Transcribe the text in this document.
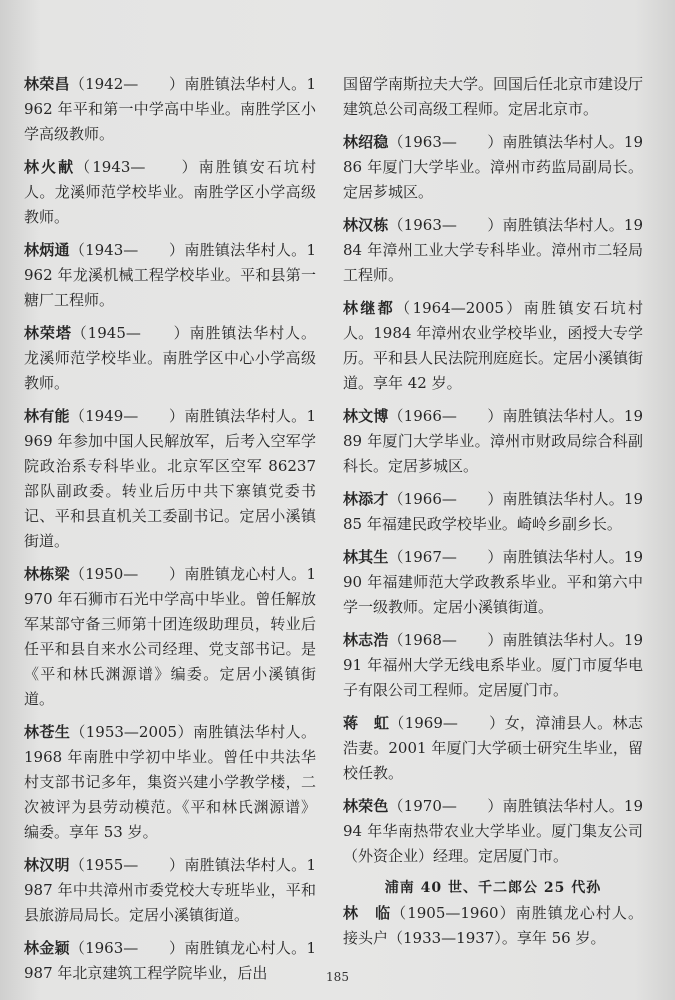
林荣昌（1942—　　）南胜镇法华村人。1962 年平和第一中学高中毕业。南胜学区小学高级教师。

林火献（1943—　　）南胜镇安石坑村人。龙溪师范学校毕业。南胜学区小学高级教师。

林炳通（1943—　　）南胜镇法华村人。1962 年龙溪机械工程学校毕业。平和县第一糖厂工程师。

林荣塔（1945—　　）南胜镇法华村人。龙溪师范学校毕业。南胜学区中心小学高级教师。

林有能（1949—　　）南胜镇法华村人。1969 年参加中国人民解放军，后考入空军学院政治系专科毕业。北京军区空军 86237 部队副政委。转业后历中共下寨镇党委书记、平和县直机关工委副书记。定居小溪镇街道。

林栋梁（1950—　　）南胜镇龙心村人。1970 年石狮市石光中学高中毕业。曾任解放军某部守备三师第十团连级助理员，转业后任平和县自来水公司经理、党支部书记。是《平和林氏渊源谱》编委。定居小溪镇街道。

林苍生（1953—2005）南胜镇法华村人。1968 年南胜中学初中毕业。曾任中共法华村支部书记多年，集资兴建小学教学楼，二次被评为县劳动模范。《平和林氏渊源谱》编委。享年 53 岁。

林汉明（1955—　　）南胜镇法华村人。1987 年中共漳州市委党校大专班毕业，平和县旅游局局长。定居小溪镇街道。

林金颖（1963—　　）南胜镇龙心村人。1987 年北京建筑工程学院毕业，后出

国留学南斯拉夫大学。回国后任北京市建设厅建筑总公司高级工程师。定居北京市。

林绍稳（1963—　　）南胜镇法华村人。1986 年厦门大学毕业。漳州市药监局副局长。定居芗城区。

林汉栋（1963—　　）南胜镇法华村人。1984 年漳州工业大学专科毕业。漳州市二轻局工程师。

林继都（1964—2005）南胜镇安石坑村人。1984 年漳州农业学校毕业，函授大专学历。平和县人民法院刑庭庭长。定居小溪镇街道。享年 42 岁。

林文博（1966—　　）南胜镇法华村人。1989 年厦门大学毕业。漳州市财政局综合科副科长。定居芗城区。

林添才（1966—　　）南胜镇法华村人。1985 年福建民政学校毕业。崎岭乡副乡长。

林其生（1967—　　）南胜镇法华村人。1990 年福建师范大学政教系毕业。平和第六中学一级教师。定居小溪镇街道。

林志浩（1968—　　）南胜镇法华村人。1991 年福州大学无线电系毕业。厦门市厦华电子有限公司工程师。定居厦门市。

蒋　虹（1969—　　）女，漳浦县人。林志浩妻。2001 年厦门大学硕士研究生毕业，留校任教。

林荣色（1970—　　）南胜镇法华村人。1994 年华南热带农业大学毕业。厦门集友公司（外资企业）经理。定居厦门市。

浦南 40 世、千二郎公 25 代孙

林　临（1905—1960）南胜镇龙心村人。接头户（1933—1937）。享年 56 岁。

185
